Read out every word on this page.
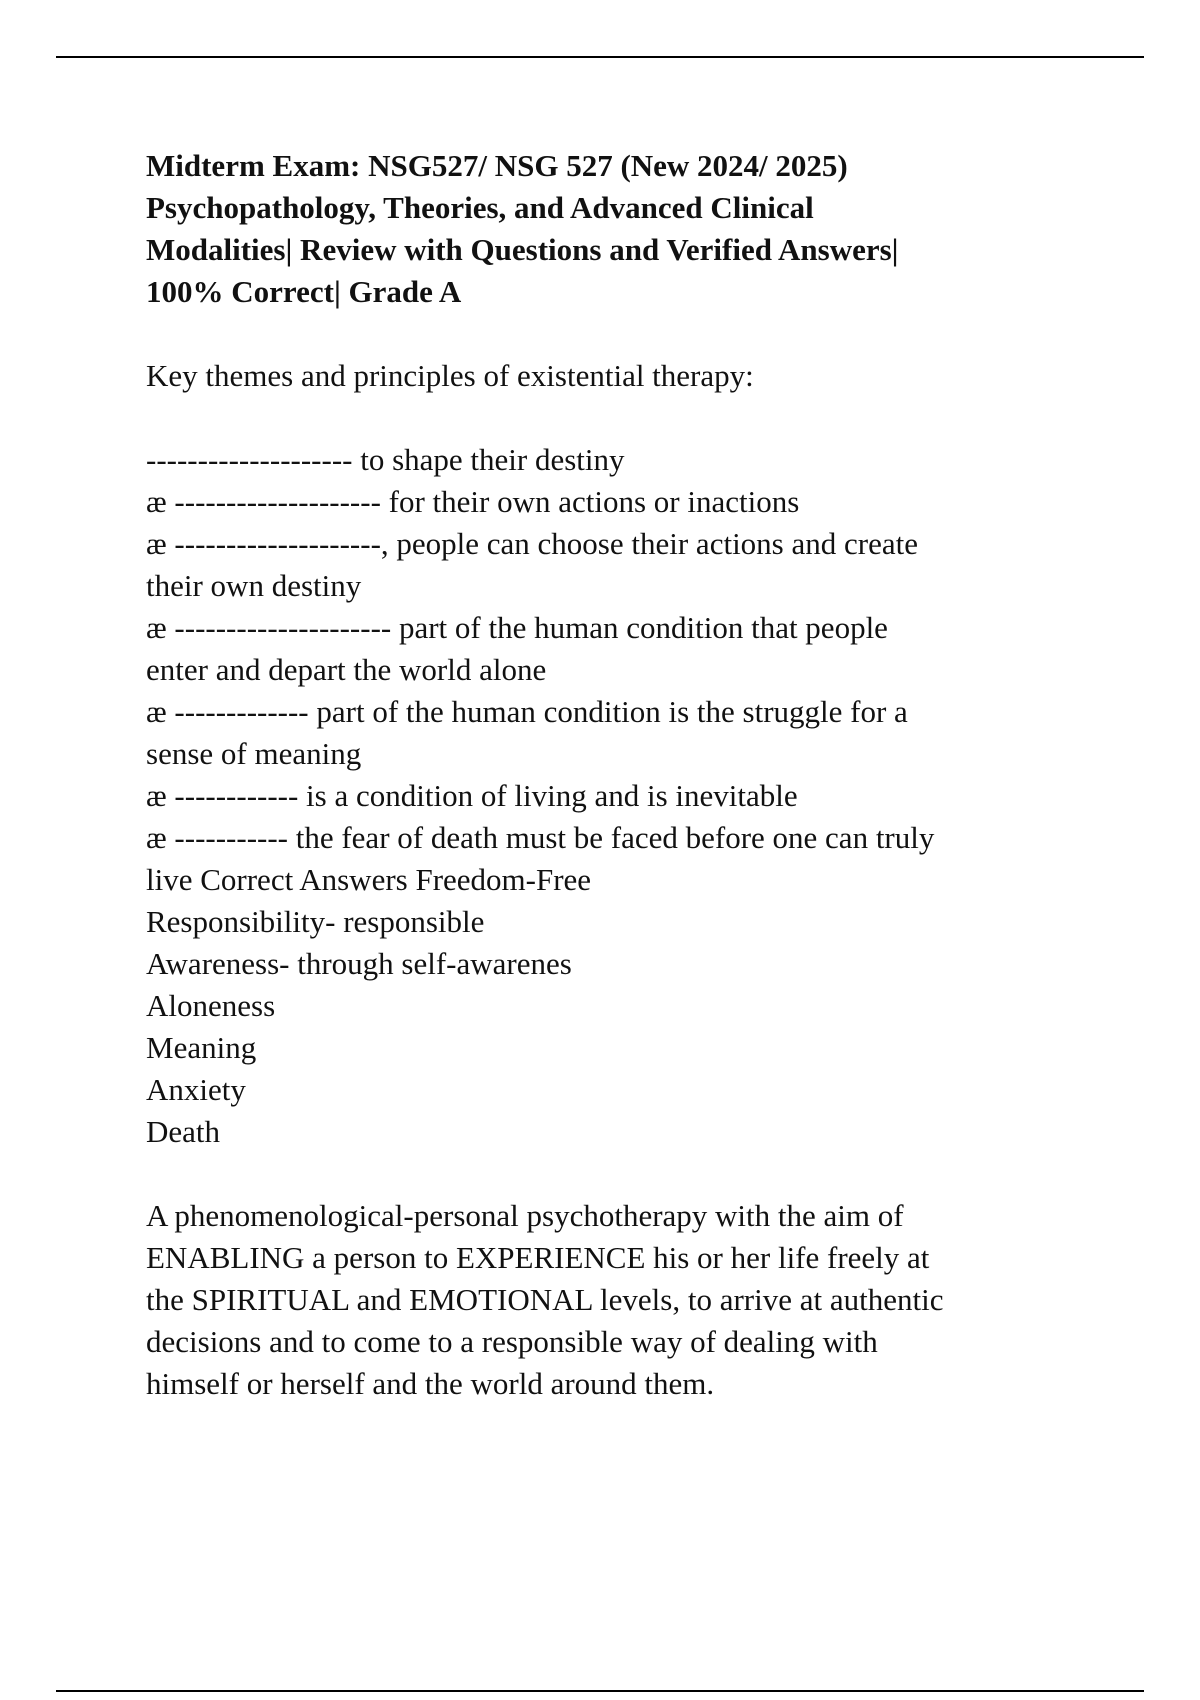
Midterm Exam: NSG527/ NSG 527 (New 2024/ 2025)
Psychopathology, Theories, and Advanced Clinical
Modalities| Review with Questions and Verified Answers|
100% Correct| Grade A

Key themes and principles of existential therapy:

-------------------- to shape their destiny

æ -------------------- for their own actions or inactions

æ --------------------, people can choose their actions and create

their own destiny

æ --------------------- part of the human condition that people

enter and depart the world alone

æ ------------- part of the human condition is the struggle for a

sense of meaning

æ ------------ is a condition of living and is inevitable

æ ----------- the fear of death must be faced before one can truly

live Correct Answers Freedom-Free

Responsibility- responsible

Awareness- through self-awarenes

Aloneness

Meaning

Anxiety

Death

A phenomenological-personal psychotherapy with the aim of

ENABLING a person to EXPERIENCE his or her life freely at

the SPIRITUAL and EMOTIONAL levels, to arrive at authentic

decisions and to come to a responsible way of dealing with

himself or herself and the world around them.
